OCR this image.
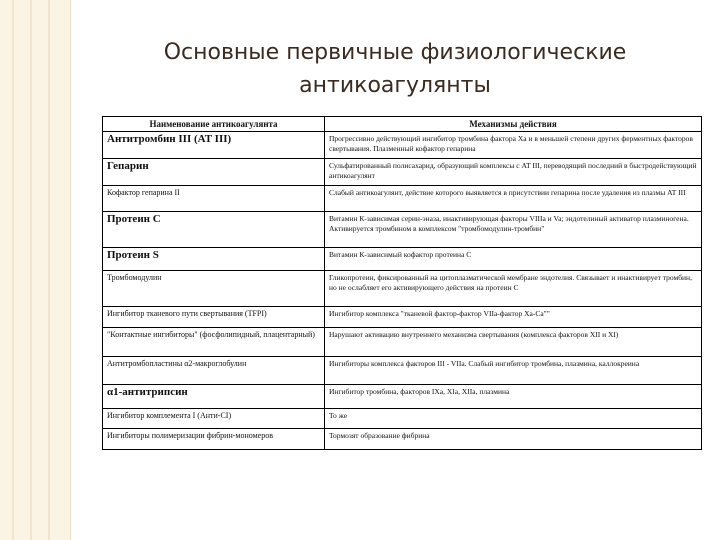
Основные первичные физиологические
антикоагулянты
Наименование антикоагулянта	Механизмы действия
Антитромбин III (AT III)	Прогрессивно действующий ингибитор тромбина фактора Ха и в меньшей степени других ферментных факторов свертывания. Плазменный кофактор гепарина
Гепарин	Сульфатированный полисахарид, образующий комплексы с AT III, переводящий последний в быстродействующий антикоагулянт
Кофактор гепарина II	Слабый антикоагулянт, действие которого выявляется в присутствии гепарина после удаления из плазмы AT III
Протеин С	Витамин К-зависимая серин-эназа, инактивирующая факторы VIIIa и Va; эндотелиный активатор плазминогена. Активируется тромбином в комплексом "тромбомодулин-тромбин"
Протеин S	Витамин К-зависимый кофактор протеина С
Тромбомодулин	Гликопротеин, фиксированный на цитоплазматической мембране эндотелия. Связывает и инактивирует тромбин, но не ослабляет его активирующего действия на протеин С
Ингибитор тканевого пути свертывания (TFPI)	Ингибитор комплекса "тканевой фактор-фактор VIIa-фактор Xa-Ca""
"Контактные ингибиторы" (фосфолипидный, плацентарный)	Нарушают активацию внутреннего механизма свертывания (комплекса факторов XII и XI)
Антитромбопластины α2-макроглобулин	Ингибиторы комплекса факторов III - VIIa. Слабый ингибитор тромбина, плазмина, каллокреина
α1-антитрипсин	Ингибитор тромбина, факторов IXa, XIa, XIIa, плазмина
Ингибитор комплемента I (Анти-CI)	То же
Ингибиторы полимеризации фибрин-мономеров	Тормозят образование фибрина
